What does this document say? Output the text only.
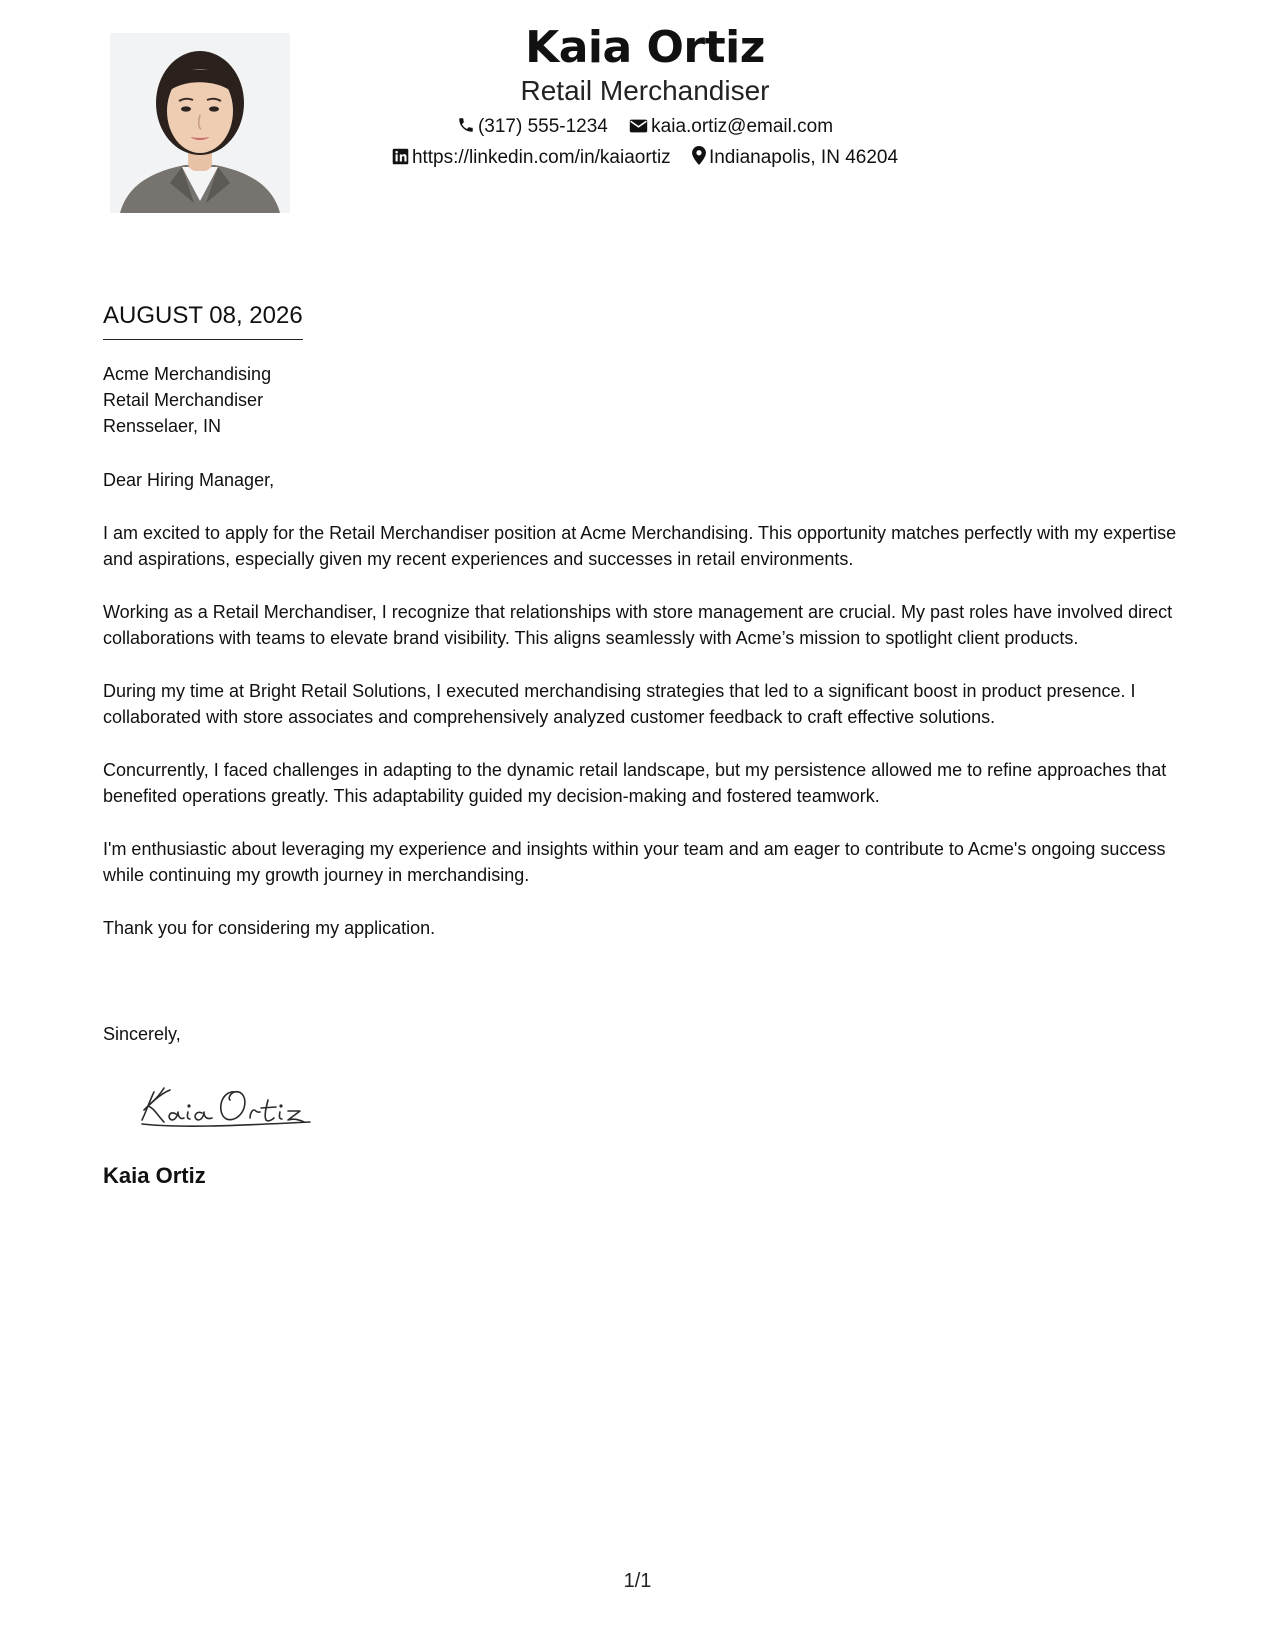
Kaia Ortiz
Retail Merchandiser
(317) 555-1234 kaia.ortiz@email.com
https://linkedin.com/in/kaiaortiz Indianapolis, IN 46204
AUGUST 08, 2026
Acme Merchandising
Retail Merchandiser
Rensselaer, IN

Dear Hiring Manager,

I am excited to apply for the Retail Merchandiser position at Acme Merchandising. This opportunity matches perfectly with my expertise and aspirations, especially given my recent experiences and successes in retail environments.

Working as a Retail Merchandiser, I recognize that relationships with store management are crucial. My past roles have involved direct collaborations with teams to elevate brand visibility. This aligns seamlessly with Acme’s mission to spotlight client products.

During my time at Bright Retail Solutions, I executed merchandising strategies that led to a significant boost in product presence. I collaborated with store associates and comprehensively analyzed customer feedback to craft effective solutions.

Concurrently, I faced challenges in adapting to the dynamic retail landscape, but my persistence allowed me to refine approaches that benefited operations greatly. This adaptability guided my decision-making and fostered teamwork.

I'm enthusiastic about leveraging my experience and insights within your team and am eager to contribute to Acme's ongoing success while continuing my growth journey in merchandising.

Thank you for considering my application.

Sincerely,
Kaia Ortiz
1/1
